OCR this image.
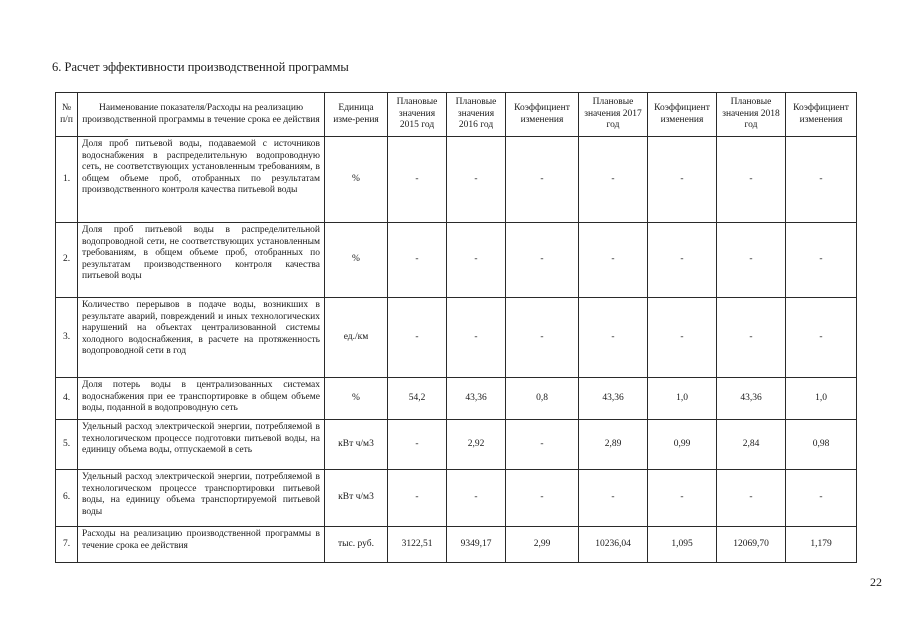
6. Расчет эффективности производственной программы
№ п/п	Наименование показателя/Расходы на реализацию производственной программы в течение срока ее действия	Единица изме-рения	Плановые значения 2015 год	Плановые значения 2016 год	Коэффициент изменения	Плановые значения 2017 год	Коэффициент изменения	Плановые значения 2018 год	Коэффициент изменения
1.	Доля проб питьевой воды, подаваемой с источников водоснабжения в распределительную водопроводную сеть, не соответствующих установленным требованиям, в общем объеме проб, отобранных по результатам производственного контроля качества питьевой воды	%	-	-	-	-	-	-	-
2.	Доля проб питьевой воды в распределительной водопроводной сети, не соответствующих установленным требованиям, в общем объеме проб, отобранных по результатам производственного контроля качества питьевой воды	%	-	-	-	-	-	-	-
3.	Количество перерывов в подаче воды, возникших в результате аварий, повреждений и иных технологических нарушений на объектах централизованной системы холодного водоснабжения, в расчете на протяженность водопроводной сети в год	ед./км	-	-	-	-	-	-	-
4.	Доля потерь воды в централизованных системах водоснабжения при ее транспортировке в общем объеме воды, поданной в водопроводную сеть	%	54,2	43,36	0,8	43,36	1,0	43,36	1,0
5.	Удельный расход электрической энергии, потребляемой в технологическом процессе подготовки питьевой воды, на единицу объема воды, отпускаемой в сеть	кВт ч/м3	-	2,92	-	2,89	0,99	2,84	0,98
6.	Удельный расход электрической энергии, потребляемой в технологическом процессе транспортировки питьевой воды, на единицу объема транспортируемой питьевой воды	кВт ч/м3	-	-	-	-	-	-	-
7.	Расходы на реализацию производственной программы в течение срока ее действия	тыс. руб.	3122,51	9349,17	2,99	10236,04	1,095	12069,70	1,179
22
